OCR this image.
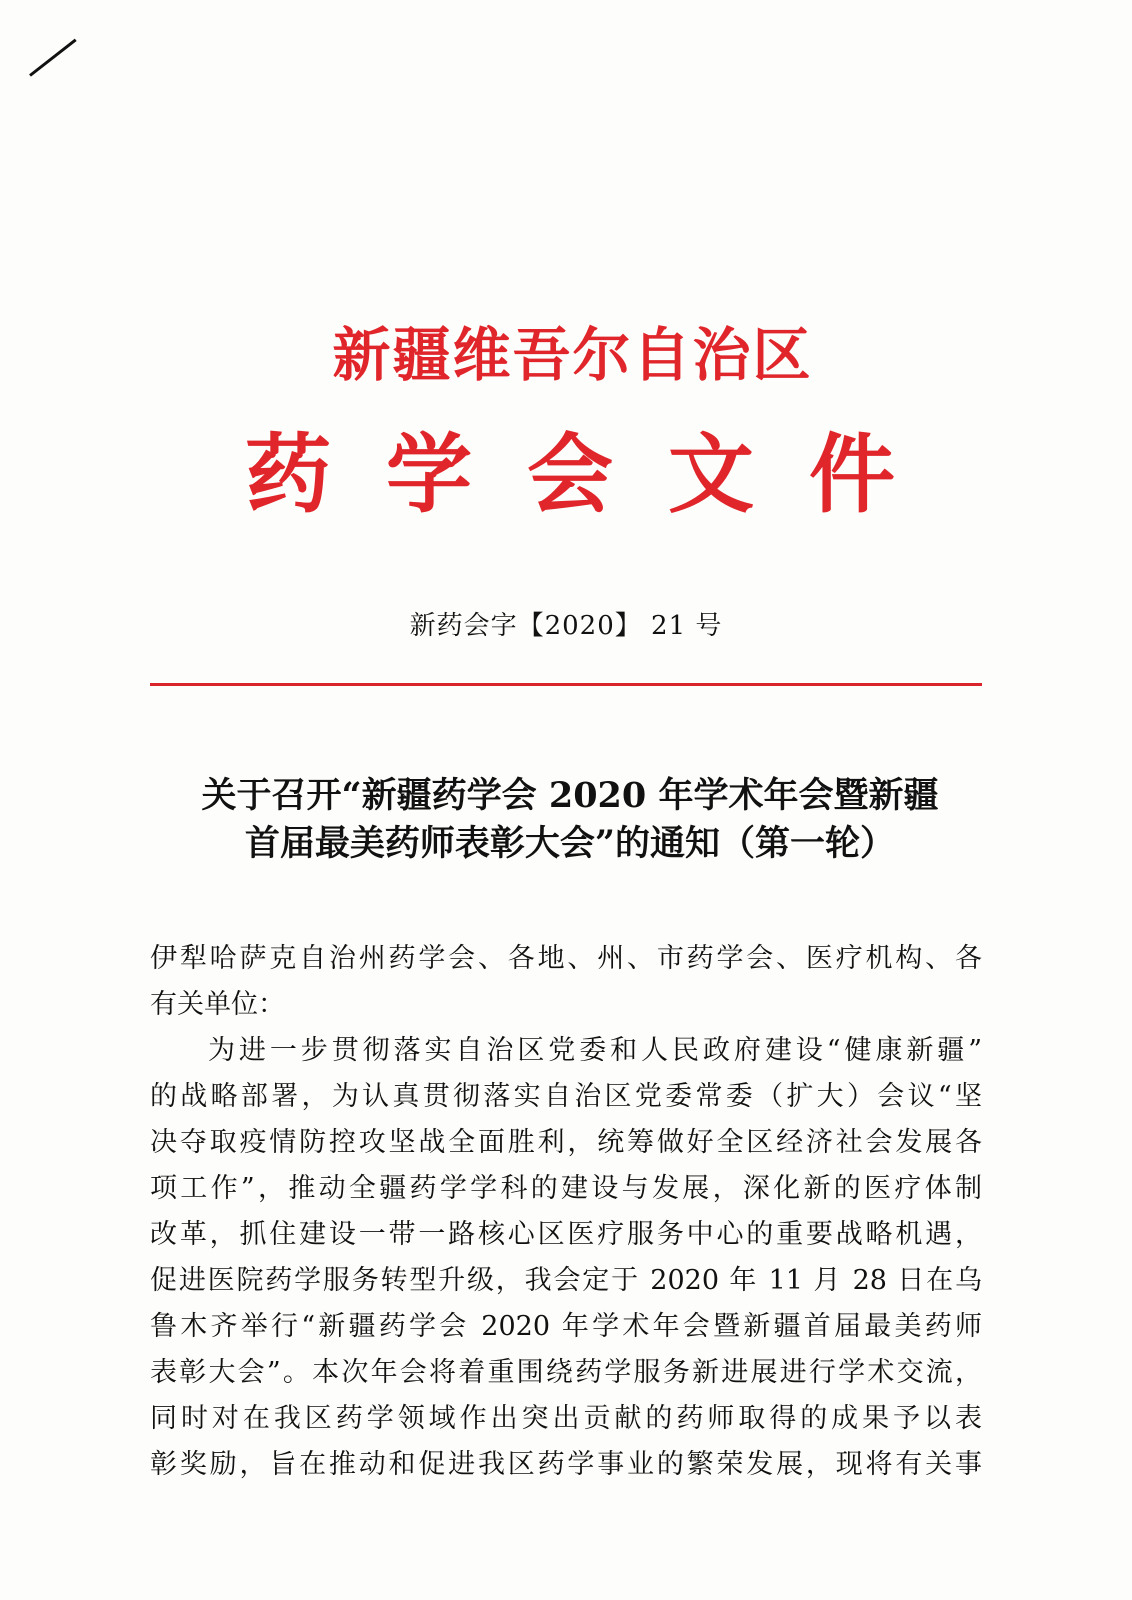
新疆维吾尔自治区
药 学 会 文 件
新药会字【2020】 21 号
关于召开“新疆药学会 2020 年学术年会暨新疆
首届最美药师表彰大会”的通知（第一轮）
伊犁哈萨克自治州药学会、各地、州、市药学会、医疗机构、各
有关单位：
为进一步贯彻落实自治区党委和人民政府建设“健康新疆”
的战略部署，为认真贯彻落实自治区党委常委（扩大）会议“坚
决夺取疫情防控攻坚战全面胜利，统筹做好全区经济社会发展各
项工作”，推动全疆药学学科的建设与发展，深化新的医疗体制
改革，抓住建设一带一路核心区医疗服务中心的重要战略机遇，
促进医院药学服务转型升级，我会定于 2020 年 11 月 28 日在乌
鲁木齐举行“新疆药学会 2020 年学术年会暨新疆首届最美药师
表彰大会”。本次年会将着重围绕药学服务新进展进行学术交流，
同时对在我区药学领域作出突出贡献的药师取得的成果予以表
彰奖励，旨在推动和促进我区药学事业的繁荣发展，现将有关事
